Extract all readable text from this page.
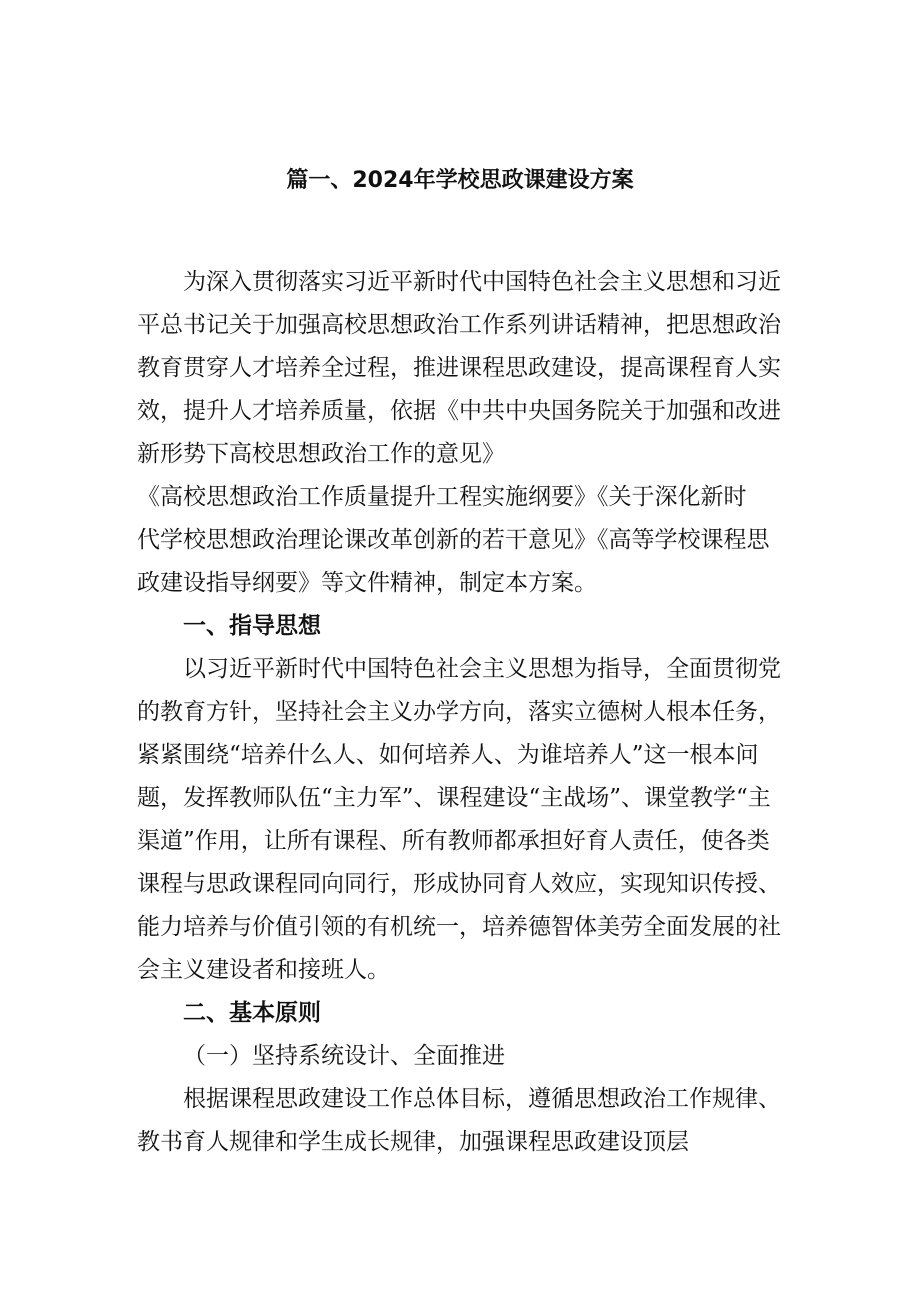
篇一、2024年学校思政课建设方案
为深入贯彻落实习近平新时代中国特色社会主义思想和习近
平总书记关于加强高校思想政治工作系列讲话精神，把思想政治
教育贯穿人才培养全过程，推进课程思政建设，提高课程育人实
效，提升人才培养质量，依据《中共中央国务院关于加强和改进
新形势下高校思想政治工作的意见》
《高校思想政治工作质量提升工程实施纲要》《关于深化新时
代学校思想政治理论课改革创新的若干意见》《高等学校课程思
政建设指导纲要》等文件精神，制定本方案。
一、指导思想
以习近平新时代中国特色社会主义思想为指导，全面贯彻党
的教育方针，坚持社会主义办学方向，落实立德树人根本任务，
紧紧围绕“培养什么人、如何培养人、为谁培养人”这一根本问
题，发挥教师队伍“主力军”、课程建设“主战场”、课堂教学“主
渠道”作用，让所有课程、所有教师都承担好育人责任，使各类
课程与思政课程同向同行，形成协同育人效应，实现知识传授、
能力培养与价值引领的有机统一，培养德智体美劳全面发展的社
会主义建设者和接班人。
二、基本原则
（一）坚持系统设计、全面推进
根据课程思政建设工作总体目标，遵循思想政治工作规律、
教书育人规律和学生成长规律，加强课程思政建设顶层
